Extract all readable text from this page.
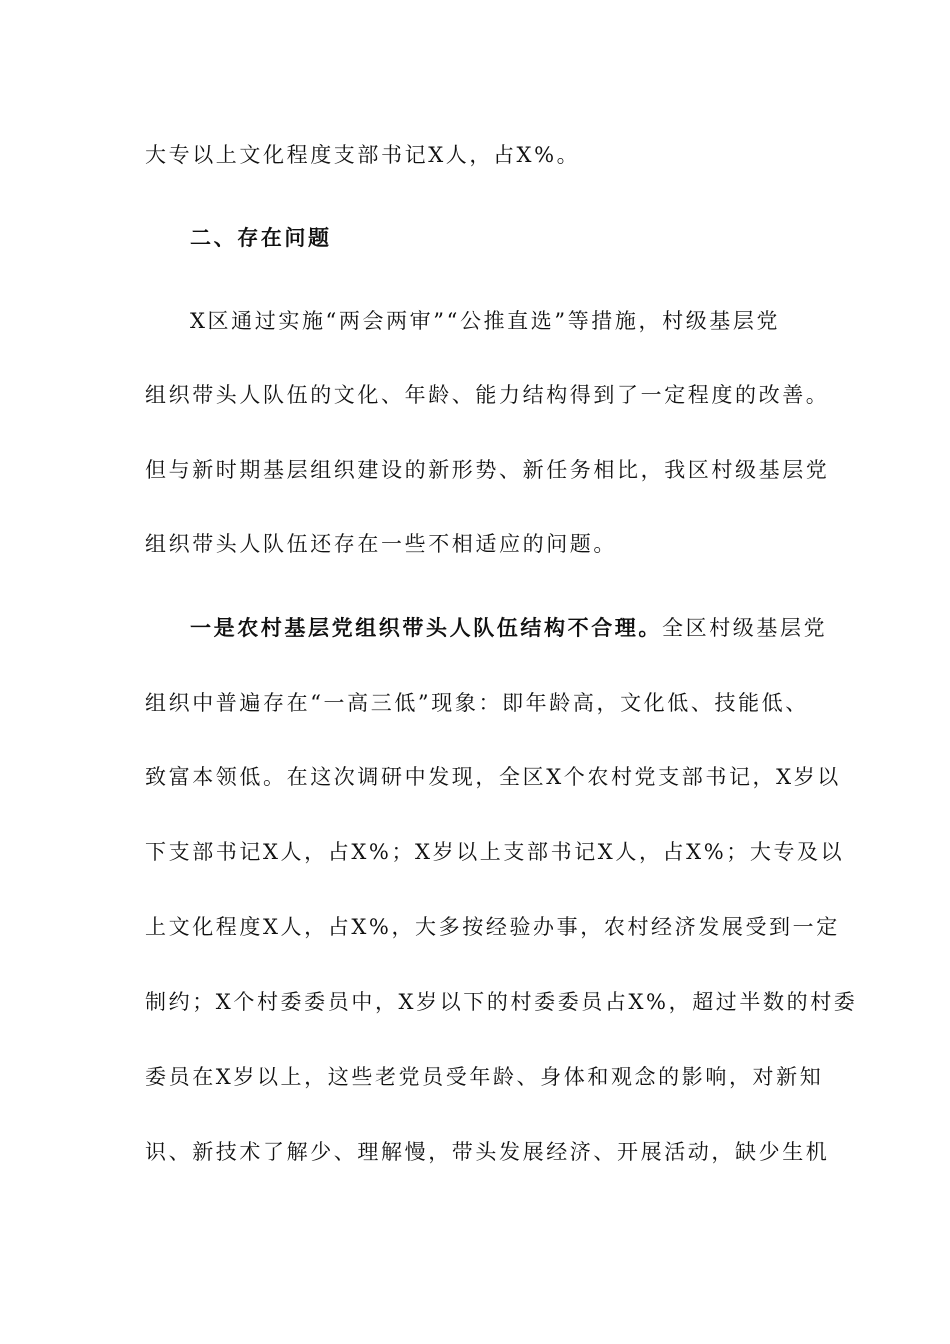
大专以上文化程度支部书记X人，占X%。
二、存在问题
X区通过实施“两会两审”“公推直选”等措施，村级基层党
组织带头人队伍的文化、年龄、能力结构得到了一定程度的改善。
但与新时期基层组织建设的新形势、新任务相比，我区村级基层党
组织带头人队伍还存在一些不相适应的问题。
一是农村基层党组织带头人队伍结构不合理。全区村级基层党
组织中普遍存在“一高三低”现象：即年龄高，文化低、技能低、
致富本领低。在这次调研中发现，全区X个农村党支部书记，X岁以
下支部书记X人，占X%；X岁以上支部书记X人，占X%；大专及以
上文化程度X人，占X%，大多按经验办事，农村经济发展受到一定
制约；X个村委委员中，X岁以下的村委委员占X%，超过半数的村委
委员在X岁以上，这些老党员受年龄、身体和观念的影响，对新知
识、新技术了解少、理解慢，带头发展经济、开展活动，缺少生机
